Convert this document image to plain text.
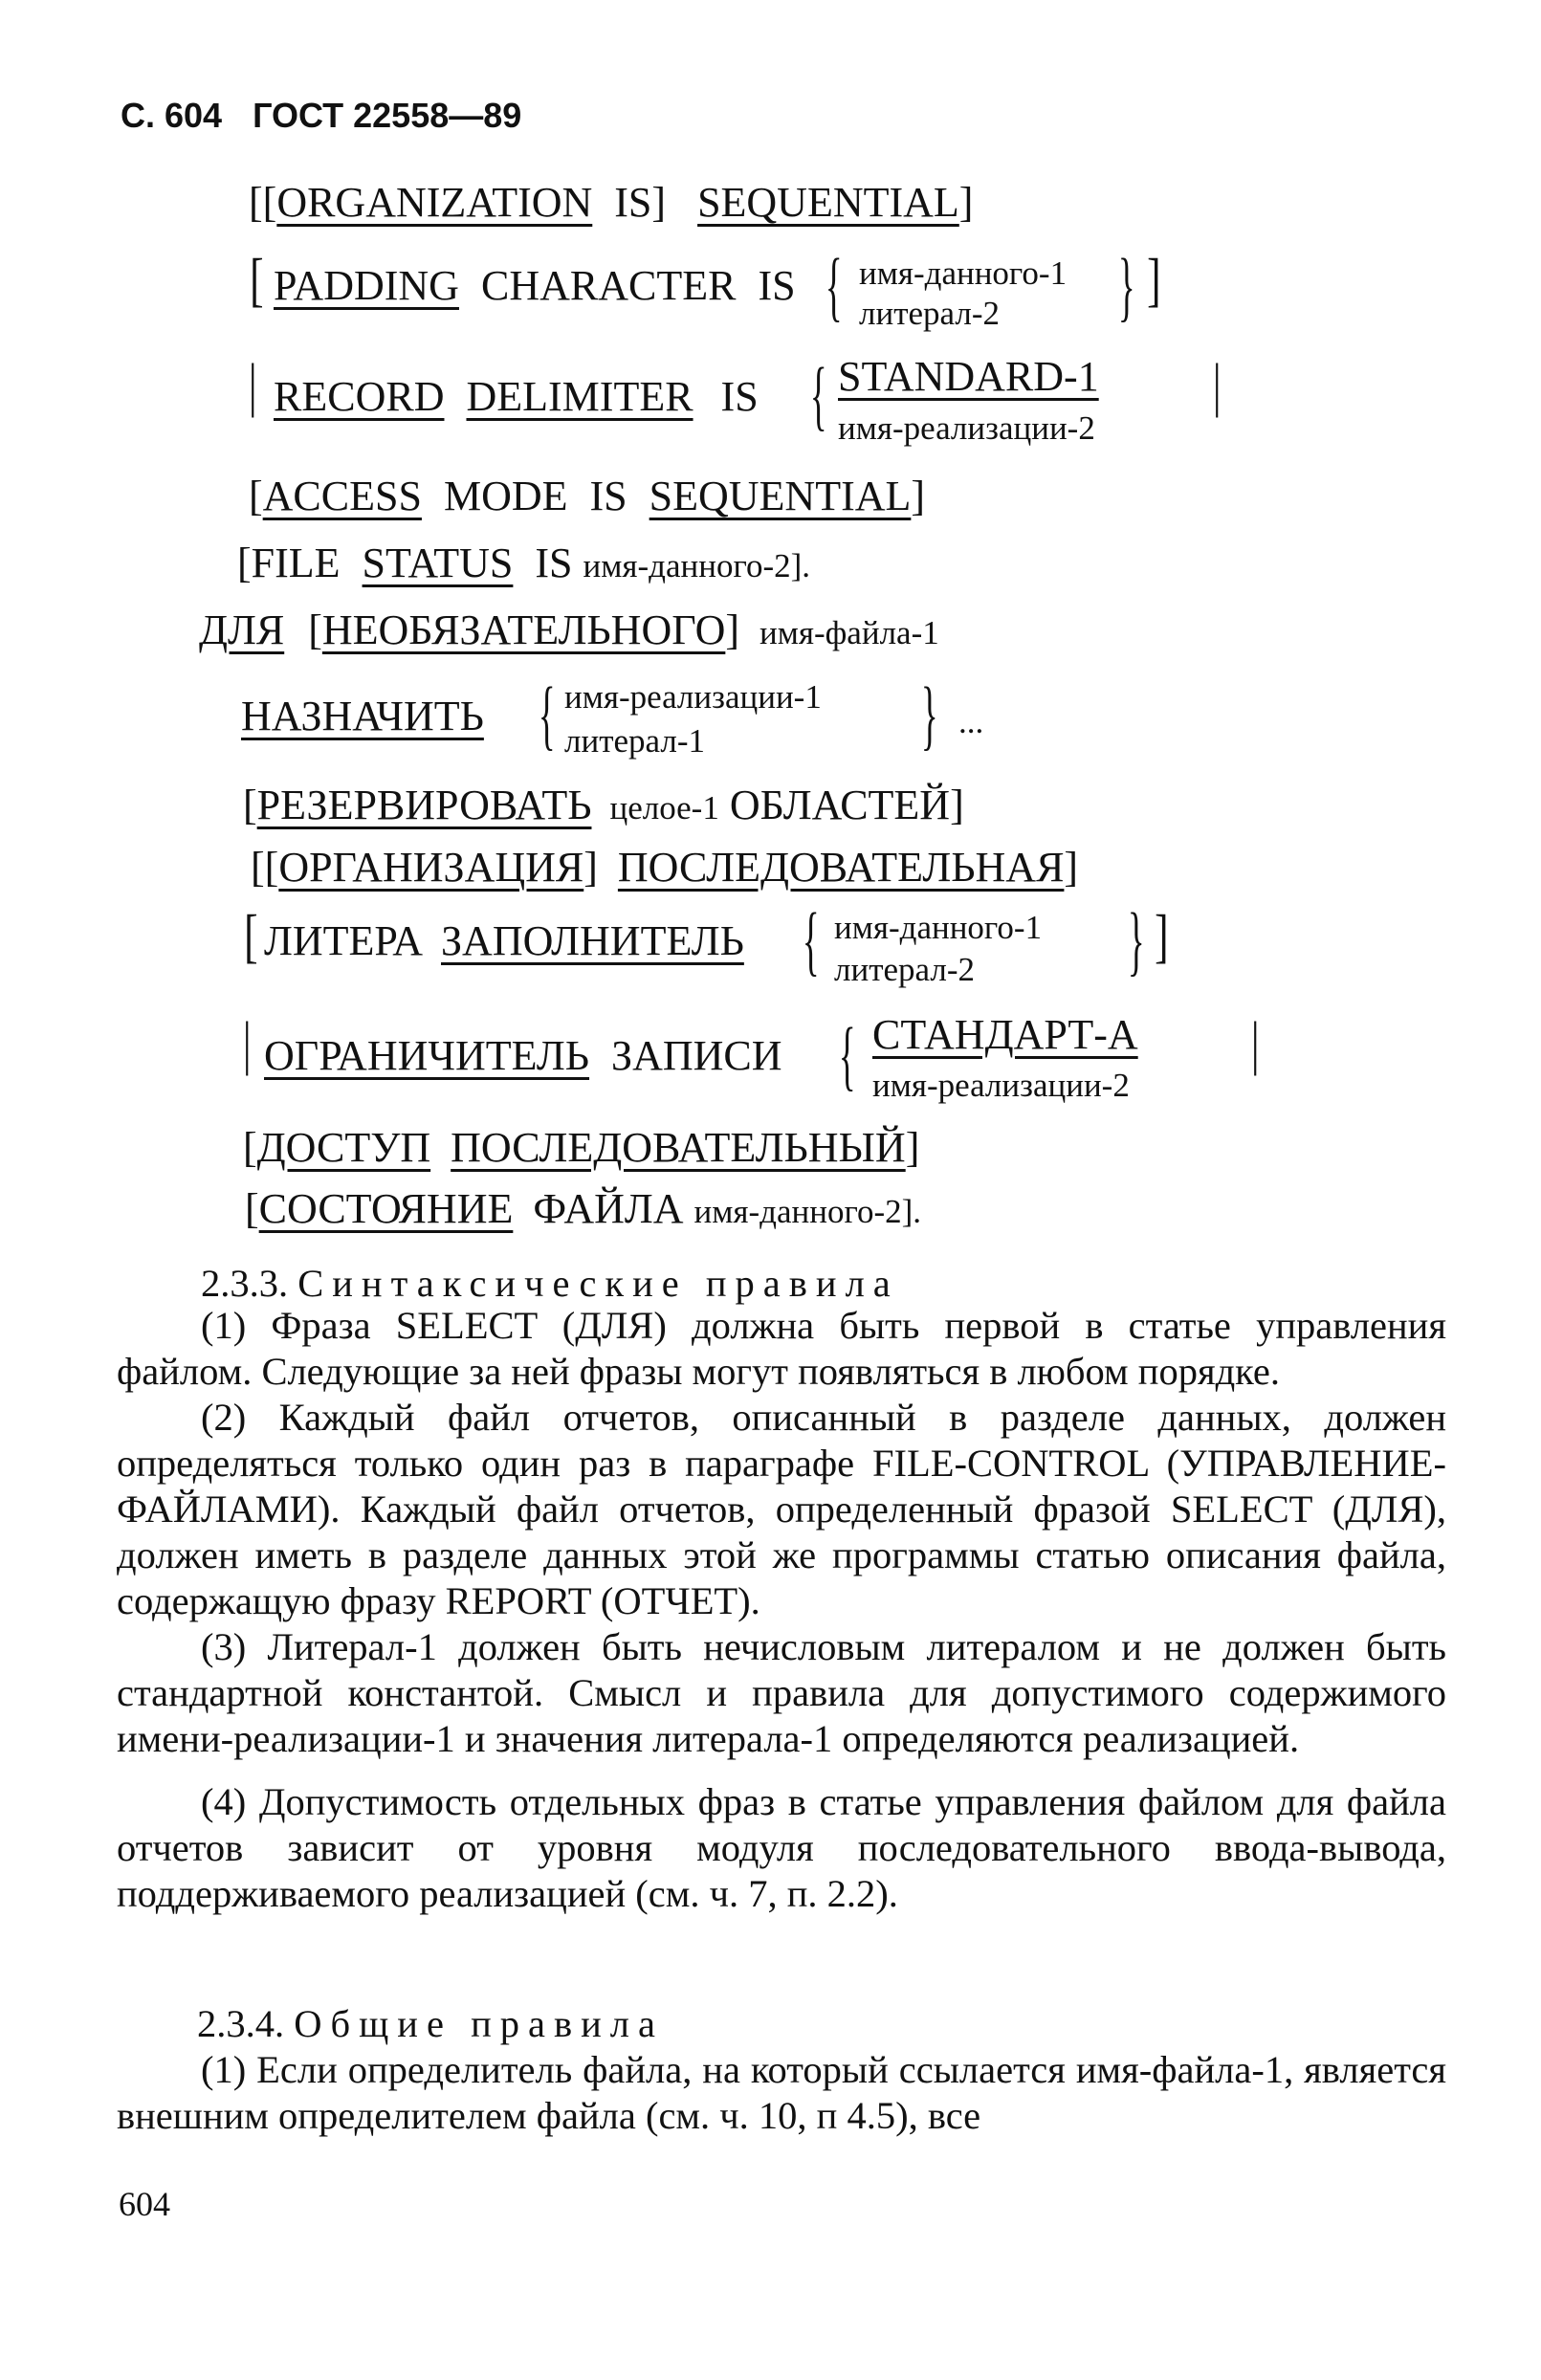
С. 604 ГОСТ 22558—89
[[ORGANIZATION IS] SEQUENTIAL]
[ PADDING CHARACTER IS { имя-данного-1
литерал-2 } ]
| RECORD DELIMITER IS { STANDARD-1
имя-реализации-2
|
[ACCESS MODE IS SEQUENTIAL]
[FILE STATUS IS имя-данного-2].
ДЛЯ [НЕОБЯЗАТЕЛЬНОГО] имя-файла-1
НАЗНАЧИТЬ { имя-реализации-1
литерал-1	} ...
[РЕЗЕРВИРОВАТЬ целое-1 ОБЛАСТЕЙ]
[[ОРГАНИЗАЦИЯ] ПОСЛЕДОВАТЕЛЬНАЯ]
[ ЛИТЕРА ЗАПОЛНИТЕЛЬ { имя-данного-1
литерал-2 } ]
| ОГРАНИЧИТЕЛЬ ЗАПИСИ { СТАНДАРТ-А
имя-реализации-2
|
[ДОСТУП ПОСЛЕДОВАТЕЛЬНЫЙ]
[СОСТОЯНИЕ ФАЙЛА имя-данного-2].
2.3.3. Синтаксические правила

(1) Фраза SELECT (ДЛЯ) должна быть первой в статье управления файлом. Следующие за ней фразы могут появляться в любом порядке.

(2) Каждый файл отчетов, описанный в разделе данных, должен определяться только один раз в параграфе FILE-CONTROL (УПРАВЛЕНИЕ-ФАЙЛАМИ). Каждый файл отчетов, определенный фразой SELECT (ДЛЯ), должен иметь в разделе данных этой же программы статью описания файла, содержащую фразу REPORT (ОТЧЕТ).

(3) Литерал-1 должен быть нечисловым литералом и не должен быть стандартной константой. Смысл и правила для допустимого содержимого имени-реализации-1 и значения литерала-1 определяются реализацией.

(4) Допустимость отдельных фраз в статье управления файлом для файла отчетов зависит от уровня модуля последовательного ввода-вывода, поддерживаемого реализацией (см. ч. 7, п. 2.2).

2.3.4. Общие правила

(1) Если определитель файла, на который ссылается имя-файла-1, является внешним определителем файла (см. ч. 10, п 4.5), все

604
